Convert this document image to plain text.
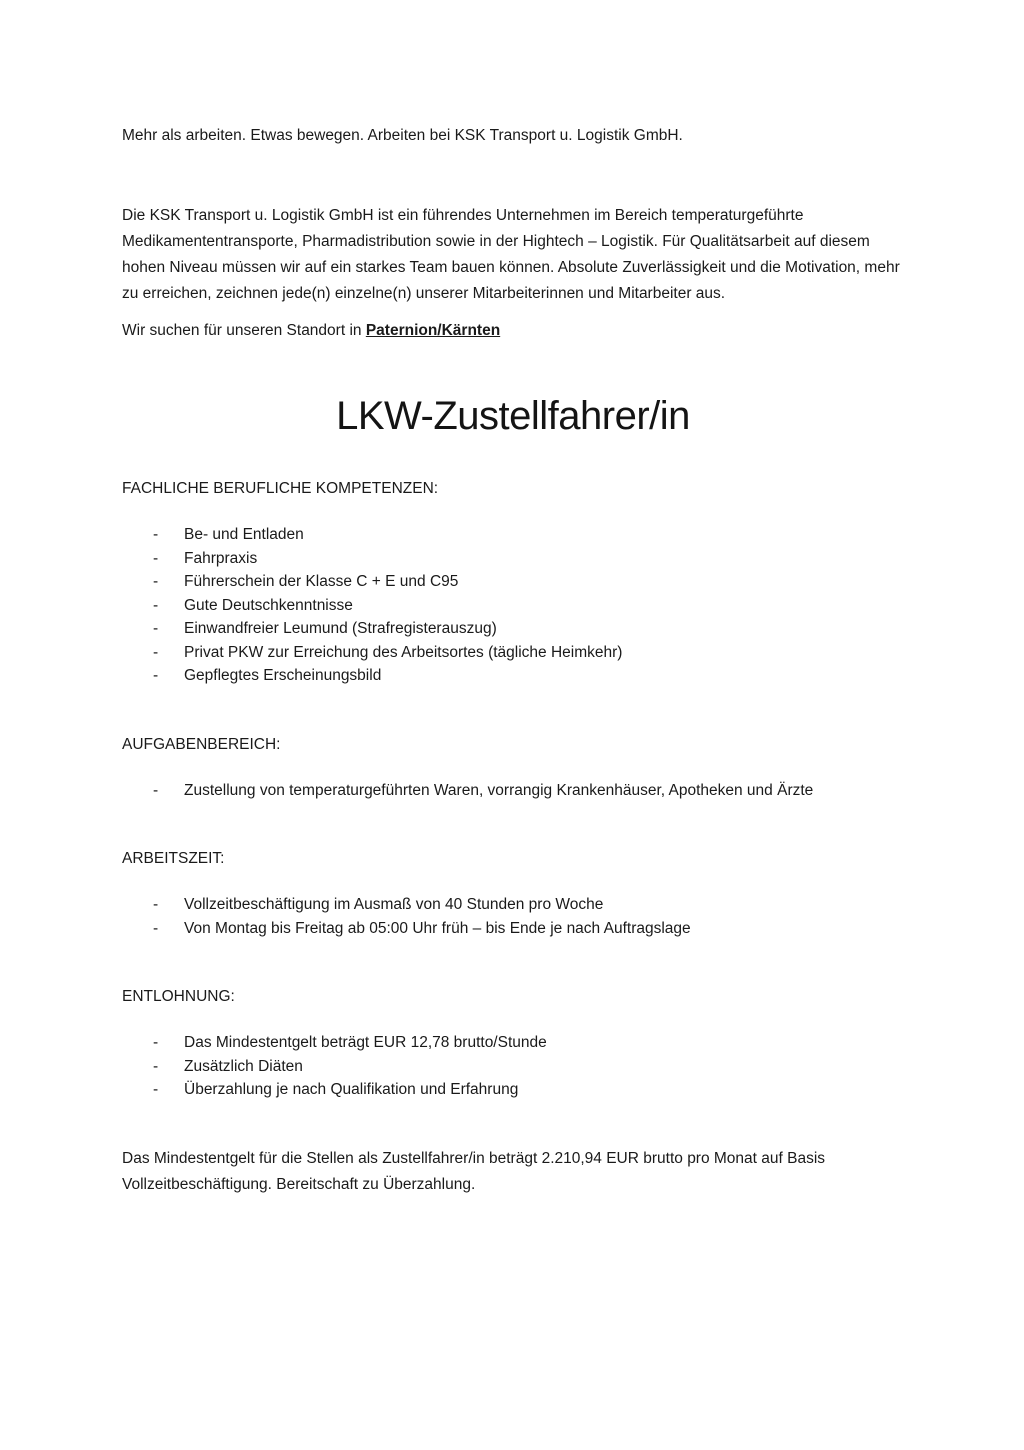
Mehr als arbeiten. Etwas bewegen. Arbeiten bei KSK Transport u. Logistik GmbH.

Die KSK Transport u. Logistik GmbH ist ein führendes Unternehmen im Bereich temperaturgeführte Medikamententransporte, Pharmadistribution sowie in der Hightech – Logistik. Für Qualitätsarbeit auf diesem hohen Niveau müssen wir auf ein starkes Team bauen können. Absolute Zuverlässigkeit und die Motivation, mehr zu erreichen, zeichnen jede(n) einzelne(n) unserer Mitarbeiterinnen und Mitarbeiter aus.

Wir suchen für unseren Standort in Paternion/Kärnten

LKW-Zustellfahrer/in

FACHLICHE BERUFLICHE KOMPETENZEN:

-	Be- und Entladen
-	Fahrpraxis
-	Führerschein der Klasse C + E und C95
-	Gute Deutschkenntnisse
-	Einwandfreier Leumund (Strafregisterauszug)
-	Privat PKW zur Erreichung des Arbeitsortes (tägliche Heimkehr)
-	Gepflegtes Erscheinungsbild

AUFGABENBEREICH:

-	Zustellung von temperaturgeführten Waren, vorrangig Krankenhäuser, Apotheken und Ärzte

ARBEITSZEIT:

-	Vollzeitbeschäftigung im Ausmaß von 40 Stunden pro Woche
-	Von Montag bis Freitag ab 05:00 Uhr früh – bis Ende je nach Auftragslage

ENTLOHNUNG:

-	Das Mindestentgelt beträgt EUR 12,78 brutto/Stunde
-	Zusätzlich Diäten
-	Überzahlung je nach Qualifikation und Erfahrung

Das Mindestentgelt für die Stellen als Zustellfahrer/in beträgt 2.210,94 EUR brutto pro Monat auf Basis Vollzeitbeschäftigung. Bereitschaft zu Überzahlung.
